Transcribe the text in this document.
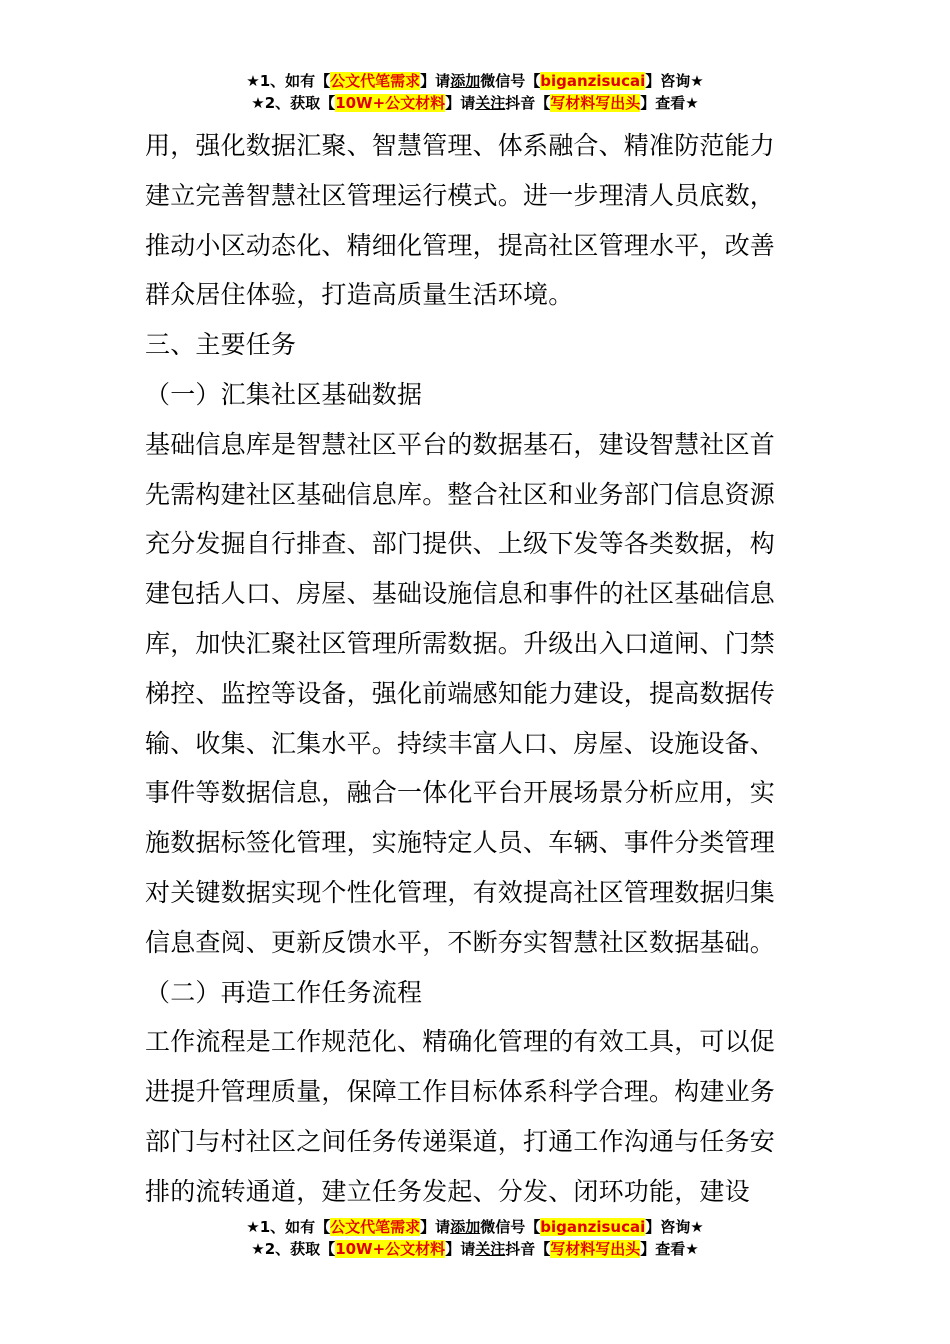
★1、如有【公文代笔需求】请添加微信号【biganzisucai】咨询★
★2、获取【10W+公文材料】请关注抖音【写材料写出头】查看★

用，强化数据汇聚、智慧管理、体系融合、精准防范能力

建立完善智慧社区管理运行模式。进一步理清人员底数，

推动小区动态化、精细化管理，提高社区管理水平，改善

群众居住体验，打造高质量生活环境。

三、主要任务

（一）汇集社区基础数据

基础信息库是智慧社区平台的数据基石，建设智慧社区首

先需构建社区基础信息库。整合社区和业务部门信息资源

充分发掘自行排查、部门提供、上级下发等各类数据，构

建包括人口、房屋、基础设施信息和事件的社区基础信息

库，加快汇聚社区管理所需数据。升级出入口道闸、门禁

梯控、监控等设备，强化前端感知能力建设，提高数据传

输、收集、汇集水平。持续丰富人口、房屋、设施设备、

事件等数据信息，融合一体化平台开展场景分析应用，实

施数据标签化管理，实施特定人员、车辆、事件分类管理

对关键数据实现个性化管理，有效提高社区管理数据归集

信息查阅、更新反馈水平，不断夯实智慧社区数据基础。

（二）再造工作任务流程

工作流程是工作规范化、精确化管理的有效工具，可以促

进提升管理质量，保障工作目标体系科学合理。构建业务

部门与村社区之间任务传递渠道，打通工作沟通与任务安

排的流转通道，建立任务发起、分发、闭环功能，建设

★1、如有【公文代笔需求】请添加微信号【biganzisucai】咨询★
★2、获取【10W+公文材料】请关注抖音【写材料写出头】查看★
